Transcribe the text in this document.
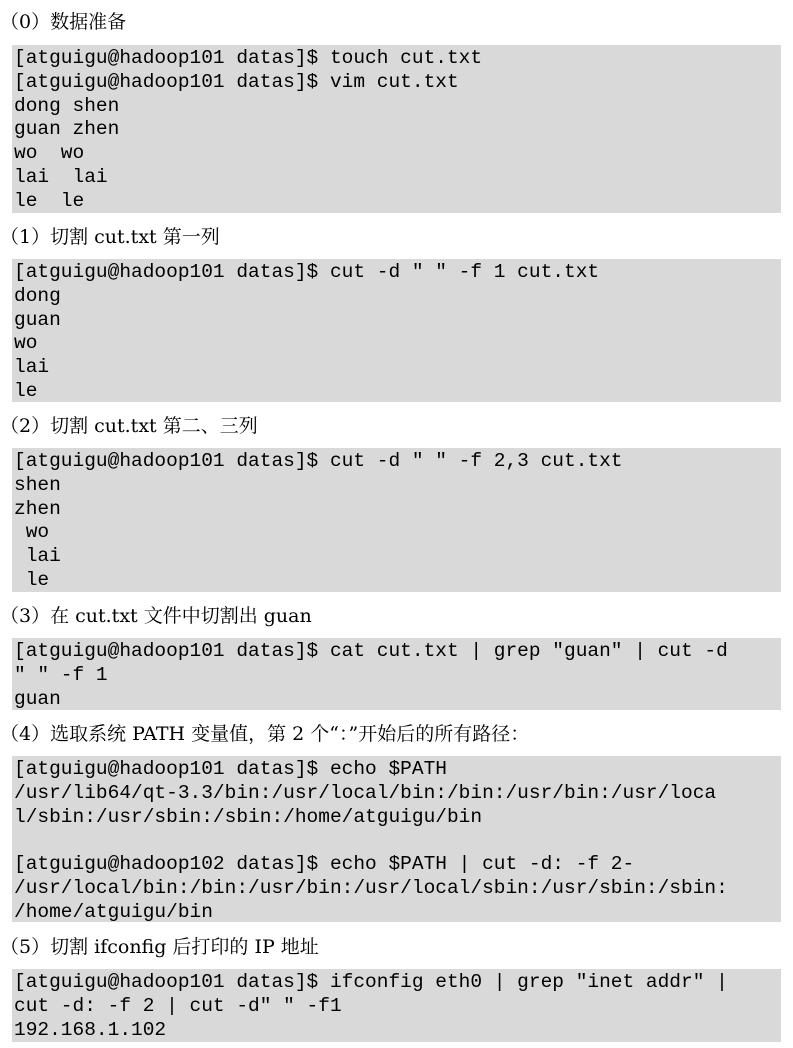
（0）数据准备
[atguigu@hadoop101 datas]$ touch cut.txt
[atguigu@hadoop101 datas]$ vim cut.txt
dong shen
guan zhen
wo  wo
lai  lai
le  le
（1）切割 cut.txt 第一列
[atguigu@hadoop101 datas]$ cut -d " " -f 1 cut.txt
dong
guan
wo
lai
le
（2）切割 cut.txt 第二、三列
[atguigu@hadoop101 datas]$ cut -d " " -f 2,3 cut.txt
shen
zhen
wo
lai
le
（3）在 cut.txt 文件中切割出 guan
[atguigu@hadoop101 datas]$ cat cut.txt | grep "guan" | cut -d
" " -f 1
guan
（4）选取系统 PATH 变量值，第 2 个“：”开始后的所有路径：
[atguigu@hadoop101 datas]$ echo $PATH
/usr/lib64/qt-3.3/bin:/usr/local/bin:/bin:/usr/bin:/usr/loca
l/sbin:/usr/sbin:/sbin:/home/atguigu/bin
[atguigu@hadoop102 datas]$ echo $PATH | cut -d: -f 2-
/usr/local/bin:/bin:/usr/bin:/usr/local/sbin:/usr/sbin:/sbin:
/home/atguigu/bin
（5）切割 ifconfig 后打印的 IP 地址
[atguigu@hadoop101 datas]$ ifconfig eth0 | grep "inet addr" |
cut -d: -f 2 | cut -d" " -f1
192.168.1.102
